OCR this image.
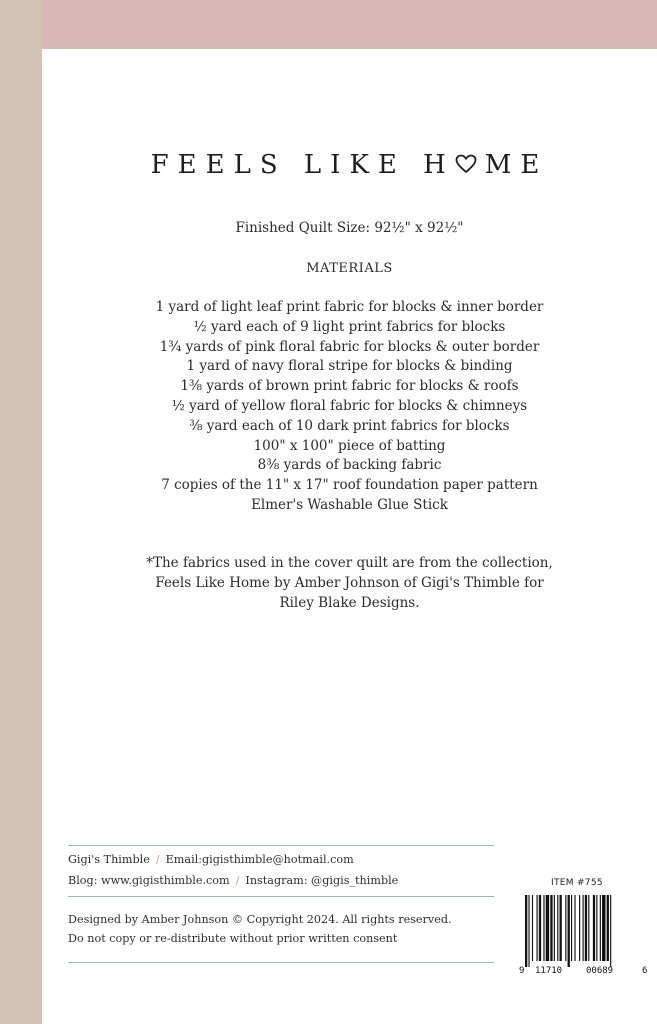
FEELS LIKE H ME
Finished Quilt Size: 92½" x 92½"
MATERIALS
1 yard of light leaf print fabric for blocks & inner border
½ yard each of 9 light print fabrics for blocks
1¾ yards of pink floral fabric for blocks & outer border
1 yard of navy floral stripe for blocks & binding
1⅜ yards of brown print fabric for blocks & roofs
½ yard of yellow floral fabric for blocks & chimneys
⅜ yard each of 10 dark print fabrics for blocks
100" x 100" piece of batting
8⅜ yards of backing fabric
7 copies of the 11" x 17" roof foundation paper pattern
Elmer's Washable Glue Stick
*The fabrics used in the cover quilt are from the collection,
Feels Like Home by Amber Johnson of Gigi's Thimble for
Riley Blake Designs.
Gigi's Thimble / Email:gigisthimble@hotmail.com
Blog: www.gigisthimble.com / Instagram: @gigis_thimble
Designed by Amber Johnson © Copyright 2024. All rights reserved.
Do not copy or re-distribute without prior written consent
ITEM #755
9 11710	00689	6
